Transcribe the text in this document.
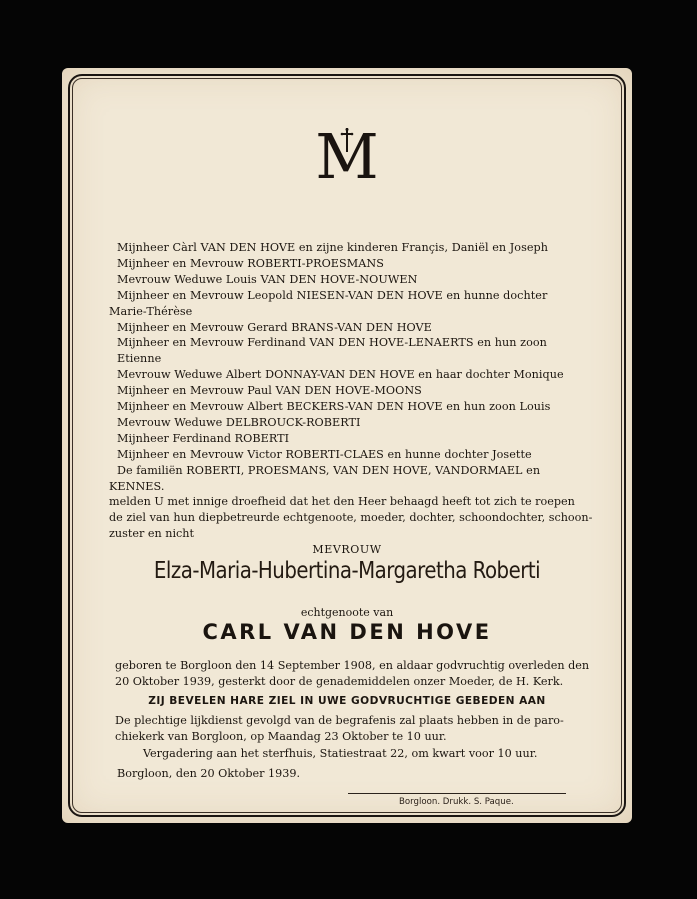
M
Mijnheer Càrl VAN DEN HOVE en zijne kinderen Françis, Daniël en Joseph
Mijnheer en Mevrouw ROBERTI-PROESMANS
Mevrouw Weduwe Louis VAN DEN HOVE-NOUWEN
Mijnheer en Mevrouw Leopold NIESEN-VAN DEN HOVE en hunne dochter
Marie-Thérèse
Mijnheer en Mevrouw Gerard BRANS-VAN DEN HOVE
Mijnheer en Mevrouw Ferdinand VAN DEN HOVE-LENAERTS en hun zoon
Etienne
Mevrouw Weduwe Albert DONNAY-VAN DEN HOVE en haar dochter Monique
Mijnheer en Mevrouw Paul VAN DEN HOVE-MOONS
Mijnheer en Mevrouw Albert BECKERS-VAN DEN HOVE en hun zoon Louis
Mevrouw Weduwe DELBROUCK-ROBERTI
Mijnheer Ferdinand ROBERTI
Mijnheer en Mevrouw Victor ROBERTI-CLAES en hunne dochter Josette
De familiën ROBERTI, PROESMANS, VAN DEN HOVE, VANDORMAEL en
KENNES.
melden U met innige droefheid dat het den Heer behaagd heeft tot zich te roepen
de ziel van hun diepbetreurde echtgenoote, moeder, dochter, schoondochter, schoon-
zuster en nicht
MEVROUW
Elza-Maria-Hubertina-Margaretha Roberti
echtgenoote van
CARL VAN DEN HOVE
geboren te Borgloon den 14 September 1908, en aldaar godvruchtig overleden den
20 Oktober 1939, gesterkt door de genademiddelen onzer Moeder, de H. Kerk.
ZIJ BEVELEN HARE ZIEL IN UWE GODVRUCHTIGE GEBEDEN AAN
De plechtige lijkdienst gevolgd van de begrafenis zal plaats hebben in de paro-
chiekerk van Borgloon, op Maandag 23 Oktober te 10 uur.
Vergadering aan het sterfhuis, Statiestraat 22, om kwart voor 10 uur.
Borgloon, den 20 Oktober 1939.
Borgloon. Drukk. S. Paque.
